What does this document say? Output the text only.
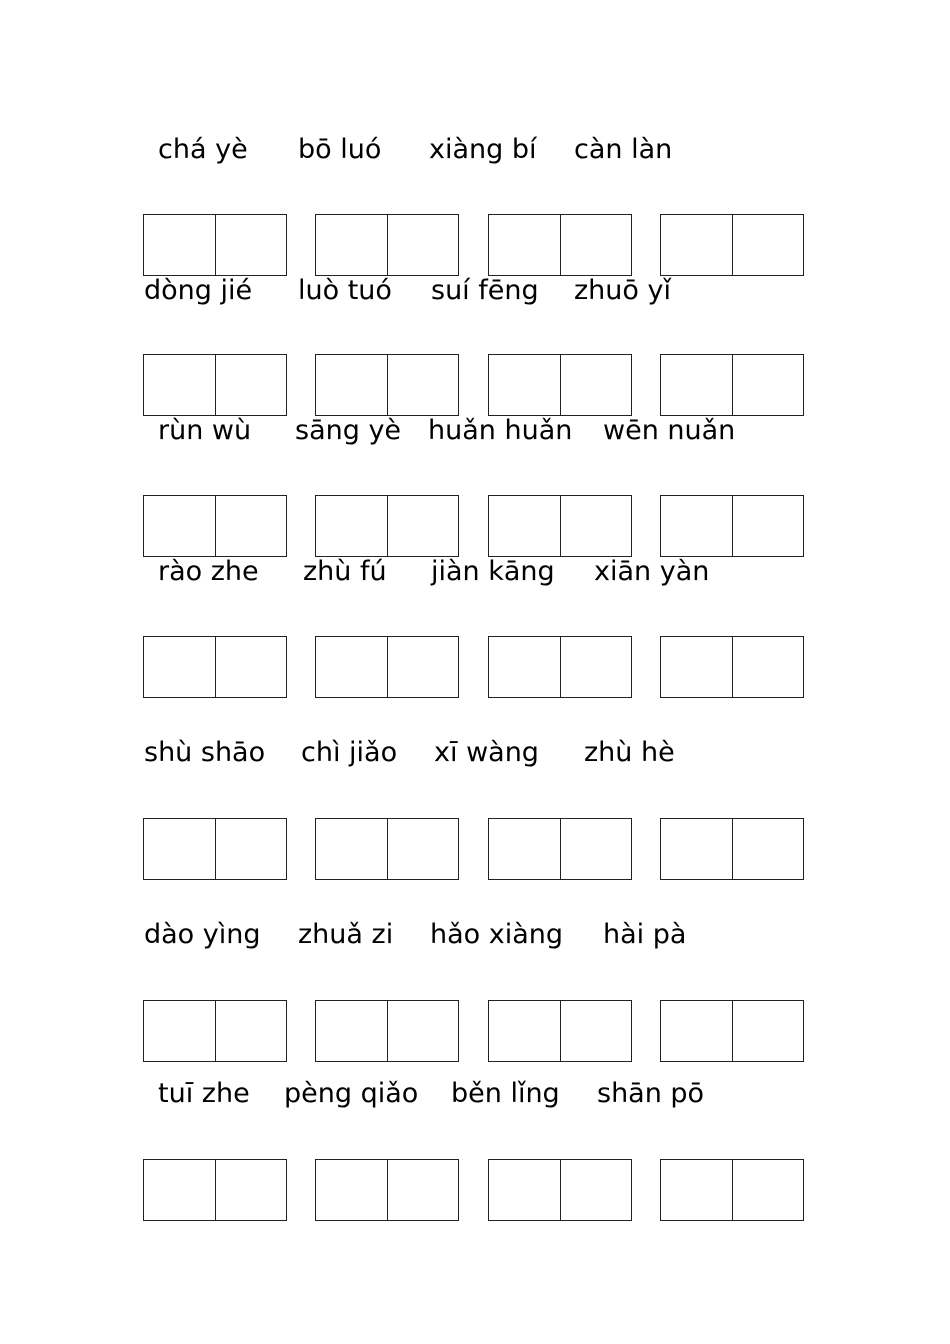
chá yè bō luó xiàng bí càn làn
dòng jié luò tuó suí fēng zhuō yǐ
rùn wù sāng yè huǎn huǎn wēn nuǎn
rào zhe zhù fú jiàn kāng xiān yàn
shù shāo chì jiǎo xī wàng zhù hè
dào yìng zhuǎ zi hǎo xiàng hài pà
tuī zhe pèng qiǎo běn lǐng shān pō
